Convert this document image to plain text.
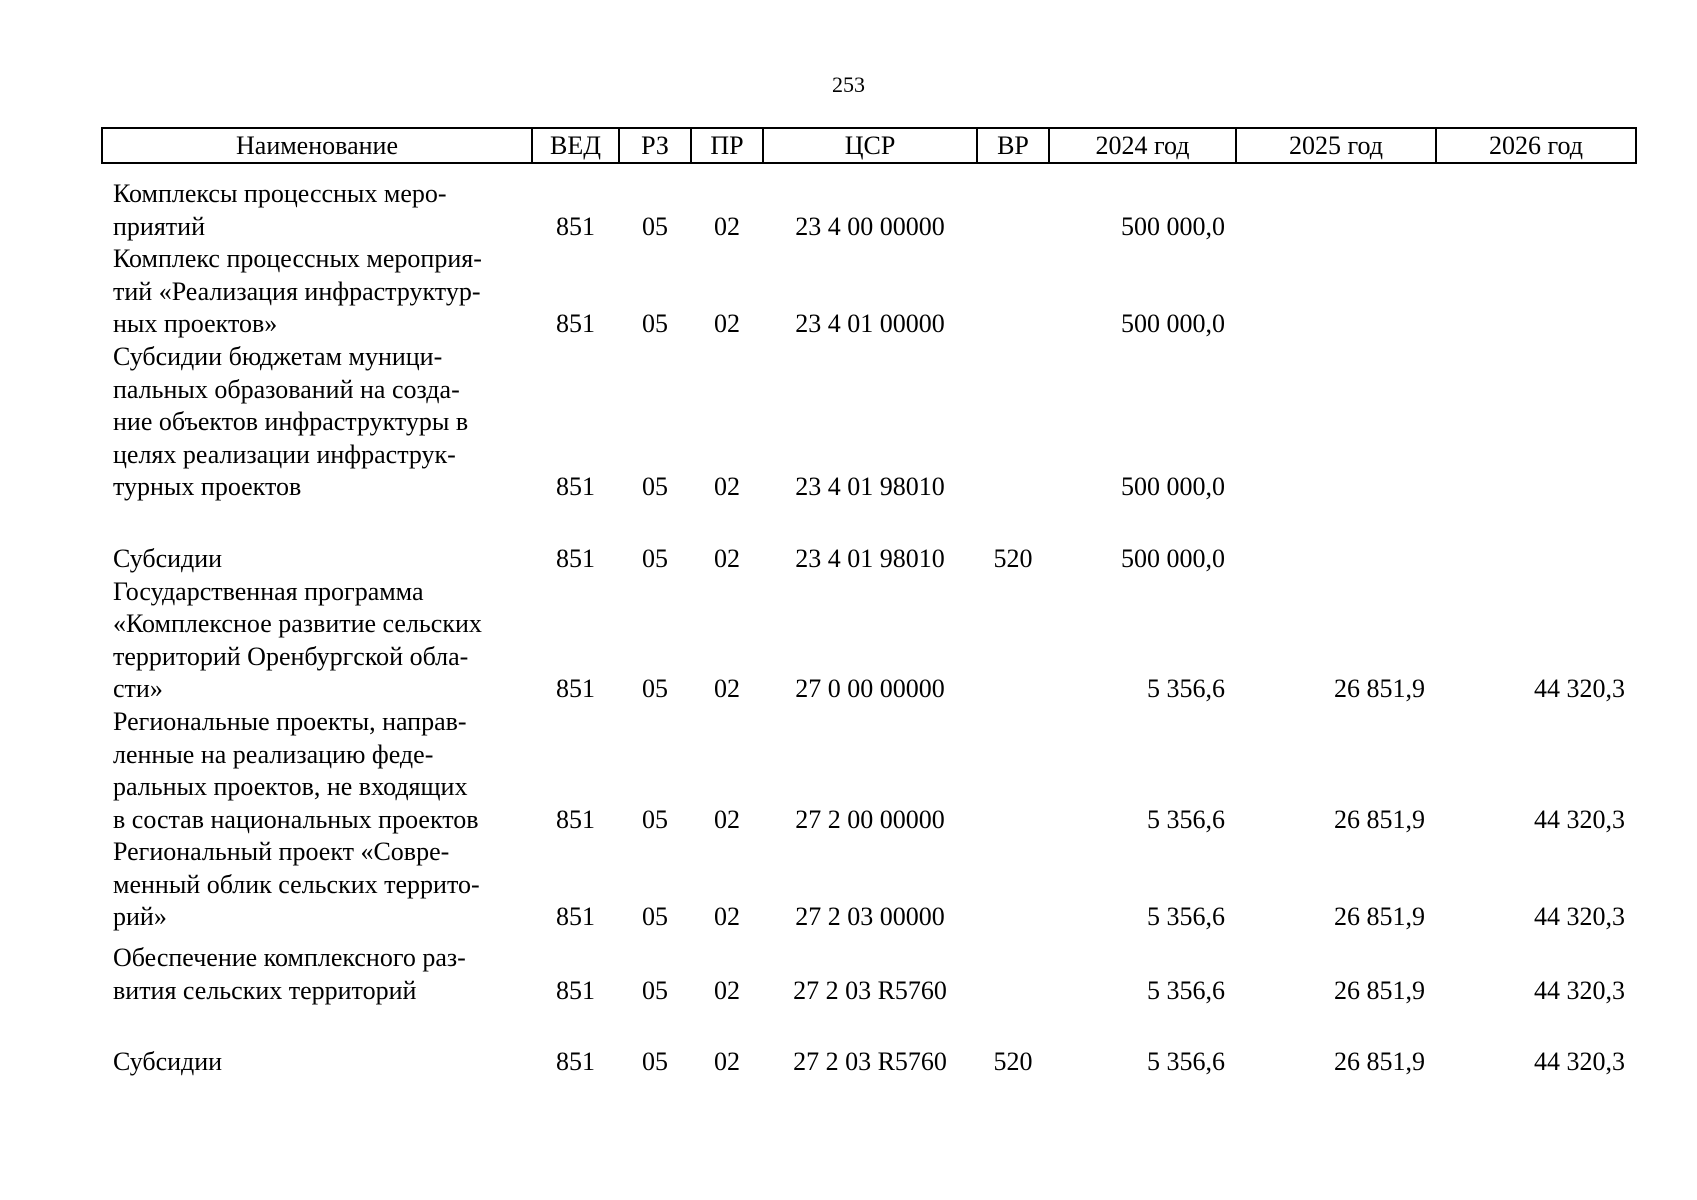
253
Наименование	ВЕД	РЗ	ПР	ЦСР	ВР	2024 год	2025 год	2026 год

Комплексы процессных меро-
приятий	851	05	02	23 4 00 00000		500 000,0		

Комплекс процессных мероприя-
тий «Реализация инфраструктур-
ных проектов»	851	05	02	23 4 01 00000		500 000,0		

Субсидии бюджетам муници-
пальных образований на созда-
ние объектов инфраструктуры в
целях реализации инфраструк-
турных проектов	851	05	02	23 4 01 98010		500 000,0		

Субсидии	851	05	02	23 4 01 98010	520	500 000,0		

Государственная программа
«Комплексное развитие сельских
территорий Оренбургской обла-
сти»	851	05	02	27 0 00 00000		5 356,6	26 851,9	44 320,3

Региональные проекты, направ-
ленные на реализацию феде-
ральных проектов, не входящих
в состав национальных проектов	851	05	02	27 2 00 00000		5 356,6	26 851,9	44 320,3

Региональный проект «Совре-
менный облик сельских террито-
рий»	851	05	02	27 2 03 00000		5 356,6	26 851,9	44 320,3

Обеспечение комплексного раз-
вития сельских территорий	851	05	02	27 2 03 R5760		5 356,6	26 851,9	44 320,3

Субсидии	851	05	02	27 2 03 R5760	520	5 356,6	26 851,9	44 320,3
